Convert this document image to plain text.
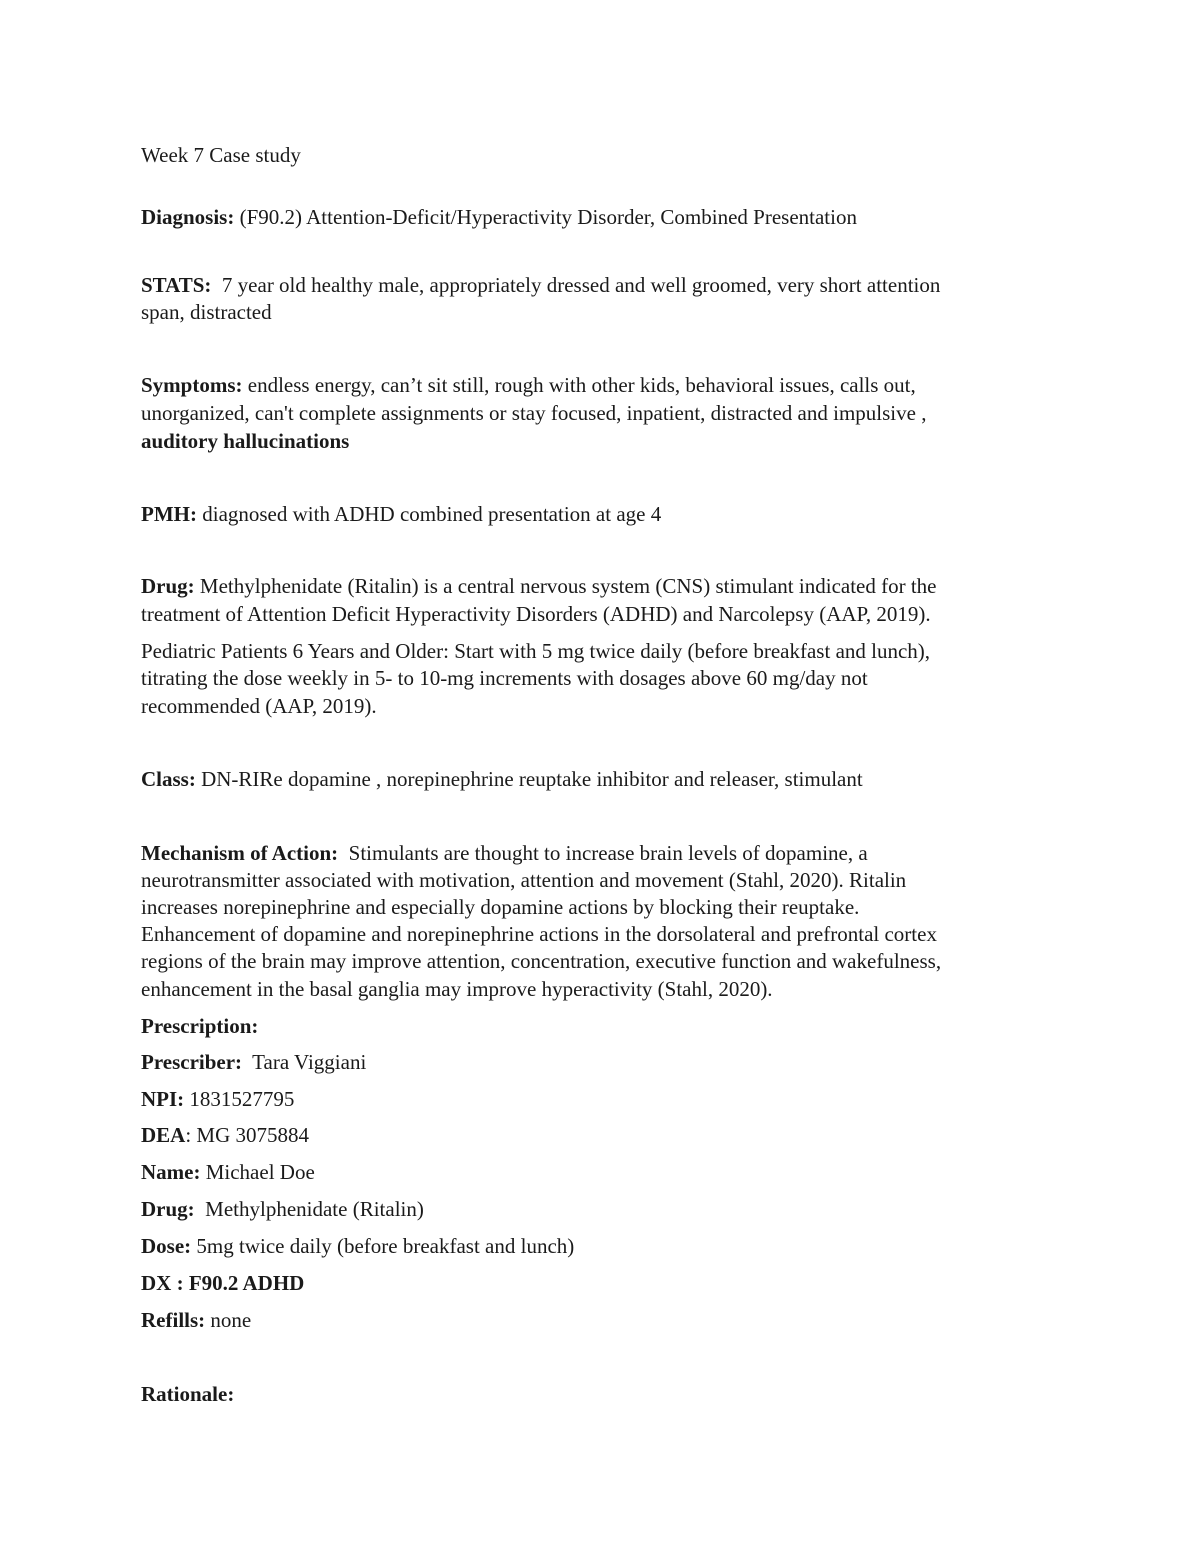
Week 7 Case study
Diagnosis: (F90.2) Attention-Deficit/Hyperactivity Disorder, Combined Presentation
STATS:  7 year old healthy male, appropriately dressed and well groomed, very short attention
span, distracted
Symptoms: endless energy, can’t sit still, rough with other kids, behavioral issues, calls out,
unorganized, can't complete assignments or stay focused, inpatient, distracted and impulsive ,
auditory hallucinations
PMH: diagnosed with ADHD combined presentation at age 4
Drug: Methylphenidate (Ritalin) is a central nervous system (CNS) stimulant indicated for the
treatment of Attention Deficit Hyperactivity Disorders (ADHD) and Narcolepsy (AAP, 2019).
Pediatric Patients 6 Years and Older: Start with 5 mg twice daily (before breakfast and lunch),
titrating the dose weekly in 5- to 10-mg increments with dosages above 60 mg/day not
recommended (AAP, 2019).
Class: DN-RIRe dopamine , norepinephrine reuptake inhibitor and releaser, stimulant
Mechanism of Action:  Stimulants are thought to increase brain levels of dopamine, a
neurotransmitter associated with motivation, attention and movement (Stahl, 2020). Ritalin
increases norepinephrine and especially dopamine actions by blocking their reuptake.
Enhancement of dopamine and norepinephrine actions in the dorsolateral and prefrontal cortex
regions of the brain may improve attention, concentration, executive function and wakefulness,
enhancement in the basal ganglia may improve hyperactivity (Stahl, 2020).
Prescription:
Prescriber:  Tara Viggiani
NPI: 1831527795
DEA: MG 3075884
Name: Michael Doe
Drug:  Methylphenidate (Ritalin)
Dose: 5mg twice daily (before breakfast and lunch)
DX : F90.2 ADHD
Refills: none
Rationale:
